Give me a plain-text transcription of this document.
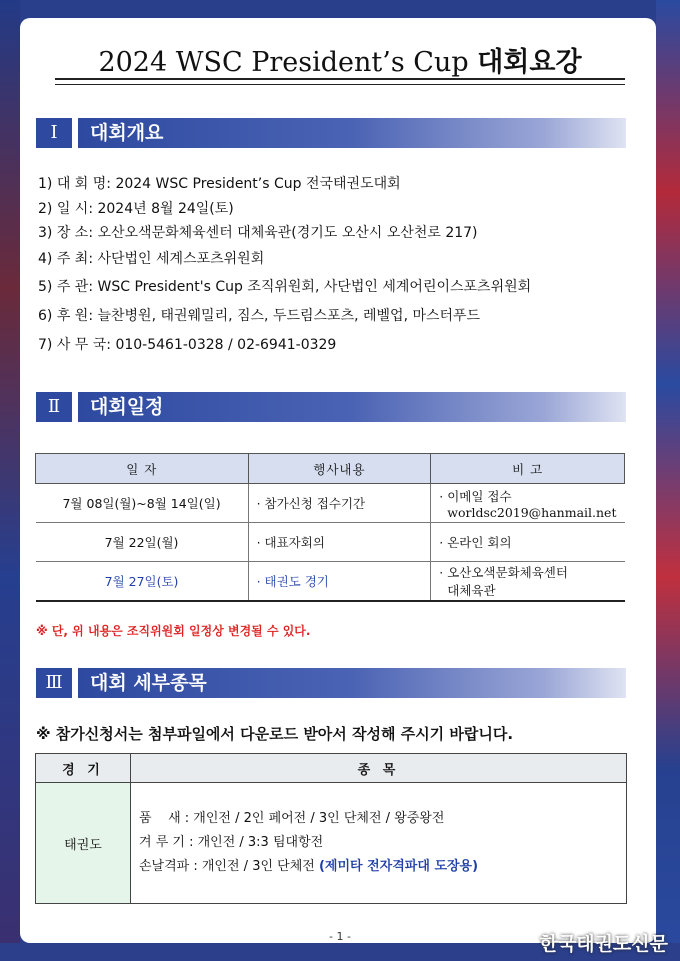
2024 WSC President’s Cup 대회요강
Ⅰ	대회개요
1) 대 회 명: 2024 WSC President’s Cup 전국태권도대회
2) 일 시: 2024년 8월 24일(토)
3) 장 소: 오산오색문화체육센터 대체육관(경기도 오산시 오산천로 217)
4) 주 최: 사단법인 세계스포츠위원회
5) 주 관: WSC President's Cup 조직위원회, 사단법인 세계어린이스포츠위원회
6) 후 원: 늘찬병원, 태권웨밀리, 짐스, 두드림스포츠, 레벨업, 마스터푸드
7) 사 무 국: 010-5461-0328 / 02-6941-0329
Ⅱ	대회일정
일 자	행사내용	비 고
7월 08일(월)~8월 14일(일)	· 참가신청 접수기간	· 이메일 접수
worldsc2019@hanmail.net

7월 22일(월)	· 대표자회의	· 온라인 회의
7월 27일(토)	· 태권도 경기	· 오산오색문화체육센터
대체육관
※ 단, 위 내용은 조직위원회 일정상 변경될 수 있다.
Ⅲ	대회 세부종목
※ 참가신청서는 첨부파일에서 다운로드 받아서 작성해 주시기 바랍니다.
경 기	종 목
태권도	품    새 : 개인전 / 2인 페어전 / 3인 단체전 / 왕중왕전
겨 루 기 : 개인전 / 3:3 팀대항전
손날격파 : 개인전 / 3인 단체전 (제미타 전자격파대 도장용)
- 1 -	한국태권도신문
